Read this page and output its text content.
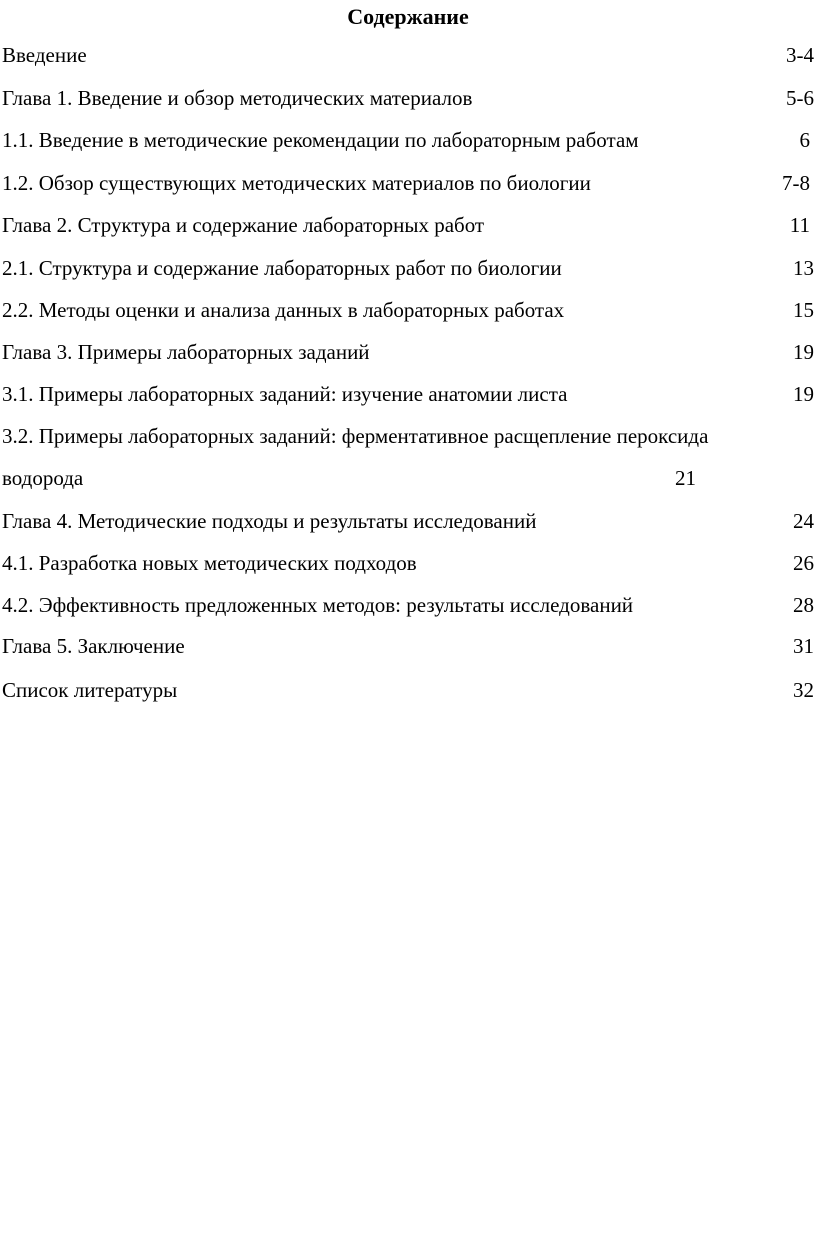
Содержание
Введение	3-4
Глава 1. Введение и обзор методических материалов	5-6
1.1. Введение в методические рекомендации по лабораторным работам	6
1.2. Обзор существующих методических материалов по биологии	7-8
Глава 2. Структура и содержание лабораторных работ	11
2.1. Структура и содержание лабораторных работ по биологии	13
2.2. Методы оценки и анализа данных в лабораторных работах	15
Глава 3. Примеры лабораторных заданий	19
3.1. Примеры лабораторных заданий: изучение анатомии листа	19
3.2. Примеры лабораторных заданий: ферментативное расщепление пероксида
водорода	21
Глава 4. Методические подходы и результаты исследований	24
4.1. Разработка новых методических подходов	26
4.2. Эффективность предложенных методов: результаты исследований	28
Глава 5. Заключение	31
Список литературы	32
